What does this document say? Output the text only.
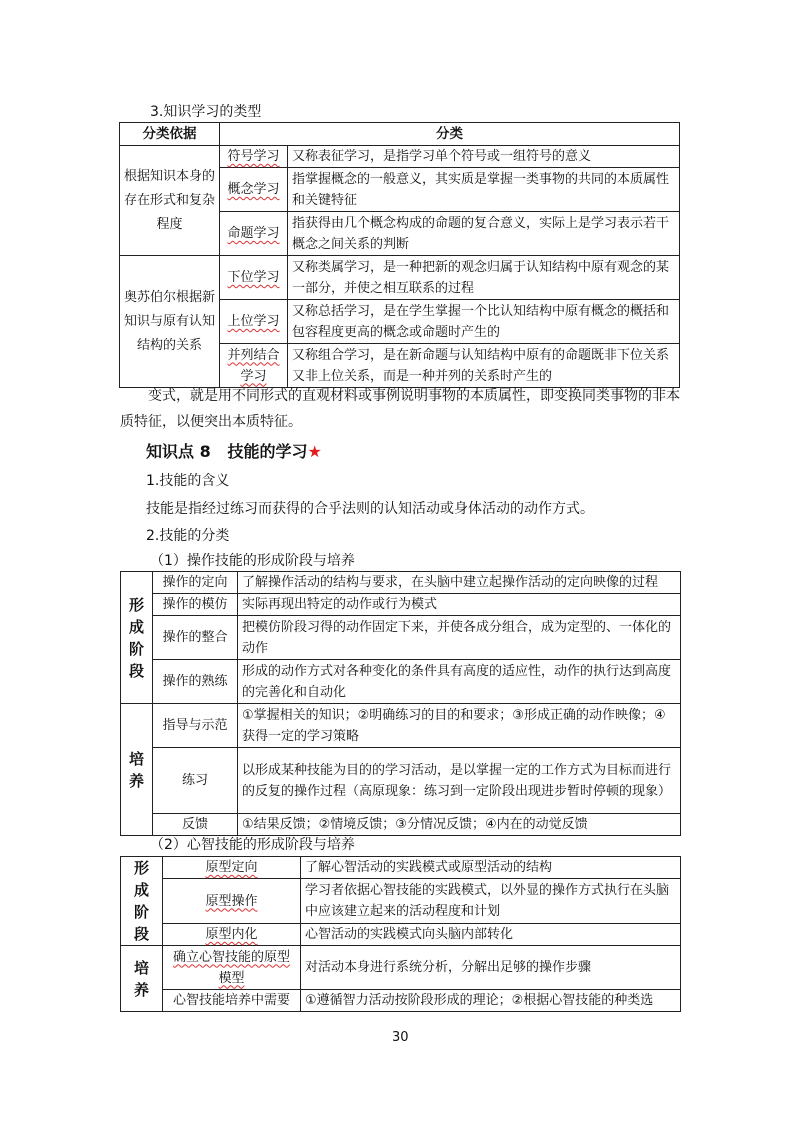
3.知识学习的类型
分类依据	分类	
根据知识本身的存在形式和复杂程度	符号学习	又称表征学习，是指学习单个符号或一组符号的意义
	概念学习	指掌握概念的一般意义，其实质是掌握一类事物的共同的本质属性和关键特征
	命题学习	指获得由几个概念构成的命题的复合意义，实际上是学习表示若干概念之间关系的判断
奥苏伯尔根据新知识与原有认知结构的关系	下位学习	又称类属学习，是一种把新的观念归属于认知结构中原有观念的某一部分，并使之相互联系的过程
	上位学习	又称总括学习，是在学生掌握一个比认知结构中原有概念的概括和包容程度更高的概念或命题时产生的
	并列结合学习	又称组合学习，是在新命题与认知结构中原有的命题既非下位关系又非上位关系，而是一种并列的关系时产生的
变式，就是用不同形式的直观材料或事例说明事物的本质属性，即变换同类事物的非本质特征，以便突出本质特征。
知识点 8 技能的学习★
1.技能的含义
技能是指经过练习而获得的合乎法则的认知活动或身体活动的动作方式。
2.技能的分类
（1）操作技能的形成阶段与培养
形成阶段	操作的定向	了解操作活动的结构与要求，在头脑中建立起操作活动的定向映像的过程
	操作的模仿	实际再现出特定的动作或行为模式
	操作的整合	把模仿阶段习得的动作固定下来，并使各成分组合，成为定型的、一体化的动作
	操作的熟练	形成的动作方式对各种变化的条件具有高度的适应性，动作的执行达到高度的完善化和自动化
培养	指导与示范	①掌握相关的知识；②明确练习的目的和要求；③形成正确的动作映像；④获得一定的学习策略
	练习	以形成某种技能为目的的学习活动，是以掌握一定的工作方式为目标而进行的反复的操作过程（高原现象：练习到一定阶段出现进步暂时停顿的现象）
	反馈	①结果反馈；②情境反馈；③分情况反馈；④内在的动觉反馈
（2）心智技能的形成阶段与培养
形成阶段	原型定向	了解心智活动的实践模式或原型活动的结构
	原型操作	学习者依据心智技能的实践模式，以外显的操作方式执行在头脑中应该建立起来的活动程度和计划
	原型内化	心智活动的实践模式向头脑内部转化
培养	确立心智技能的原型模型	对活动本身进行系统分析，分解出足够的操作步骤
	心智技能培养中需要	①遵循智力活动按阶段形成的理论；②根据心智技能的种类选
30
